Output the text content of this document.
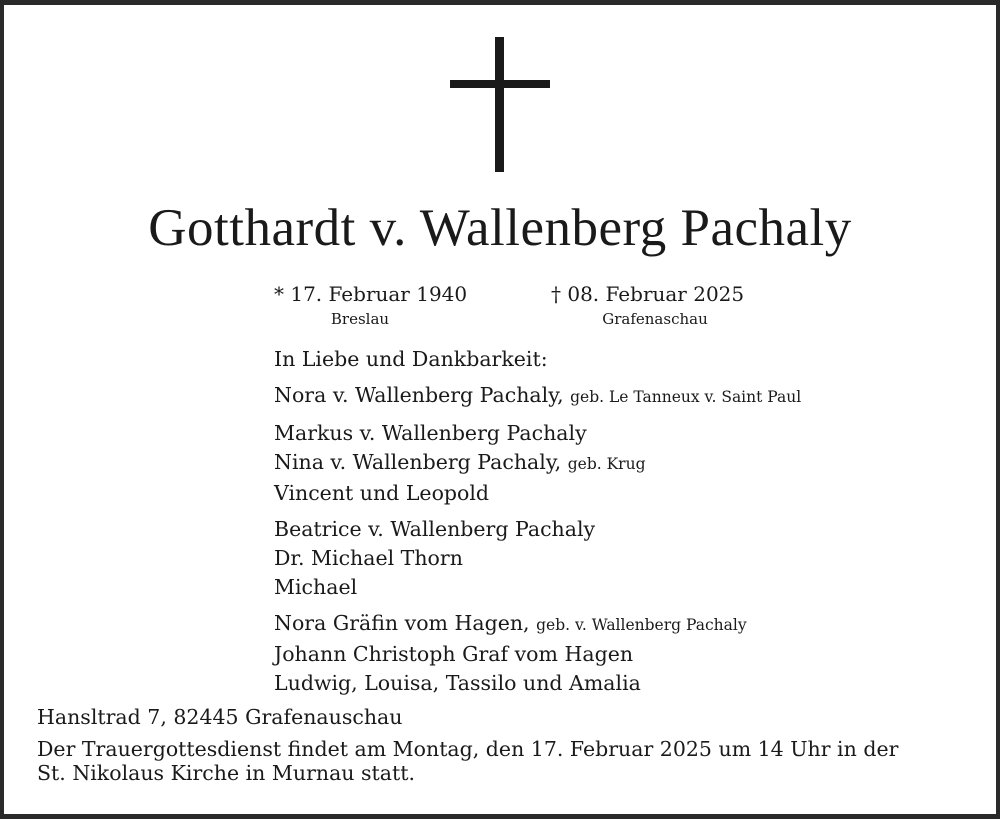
Gotthardt v. Wallenberg Pachaly
* 17. Februar 1940
Breslau
† 08. Februar 2025
Grafenaschau
In Liebe und Dankbarkeit:
Nora v. Wallenberg Pachaly, geb. Le Tanneux v. Saint Paul
Markus v. Wallenberg Pachaly
Nina v. Wallenberg Pachaly, geb. Krug
Vincent und Leopold
Beatrice v. Wallenberg Pachaly
Dr. Michael Thorn
Michael
Nora Gräfin vom Hagen, geb. v. Wallenberg Pachaly
Johann Christoph Graf vom Hagen
Ludwig, Louisa, Tassilo und Amalia
Hansltrad 7, 82445 Grafenauschau
Der Trauergottesdienst findet am Montag, den 17. Februar 2025 um 14 Uhr in der
St. Nikolaus Kirche in Murnau statt.
